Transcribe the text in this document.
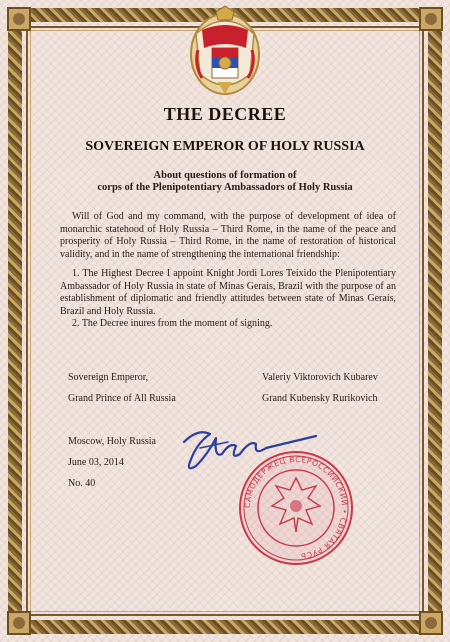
THE DECREE
SOVEREIGN EMPEROR OF HOLY RUSSIA
About questions of formation of
corps of the Plenipotentiary Ambassadors of Holy Russia
Will of God and my command, with the purpose of development of idea of monarchic statehood of Holy Russia – Third Rome, in the name of the peace and prosperity of Holy Russia – Third Rome, in the name of restoration of historical validity, and in the name of strengthening the international friendship:
1. The Highest Decree I appoint Knight Jordi Lores Teixido the Plenipotentiary Ambassador of Holy Russia in state of Minas Gerais, Brazil with the purpose of an establishment of diplomatic and friendly attitudes between state of Minas Gerais, Brazil and Holy Russia.
2. The Decree inures from the moment of signing.
Sovereign Emperor,
Grand Prince of All Russia
Valeriy Viktorovich Kubarev
Grand Kubensky Rurikovich
Moscow, Holy Russia
June 03, 2014
No. 40
САМОДЕРЖЕЦ ВСЕРОССИЙСКИЙ • СВЯТАЯ РУСЬ
